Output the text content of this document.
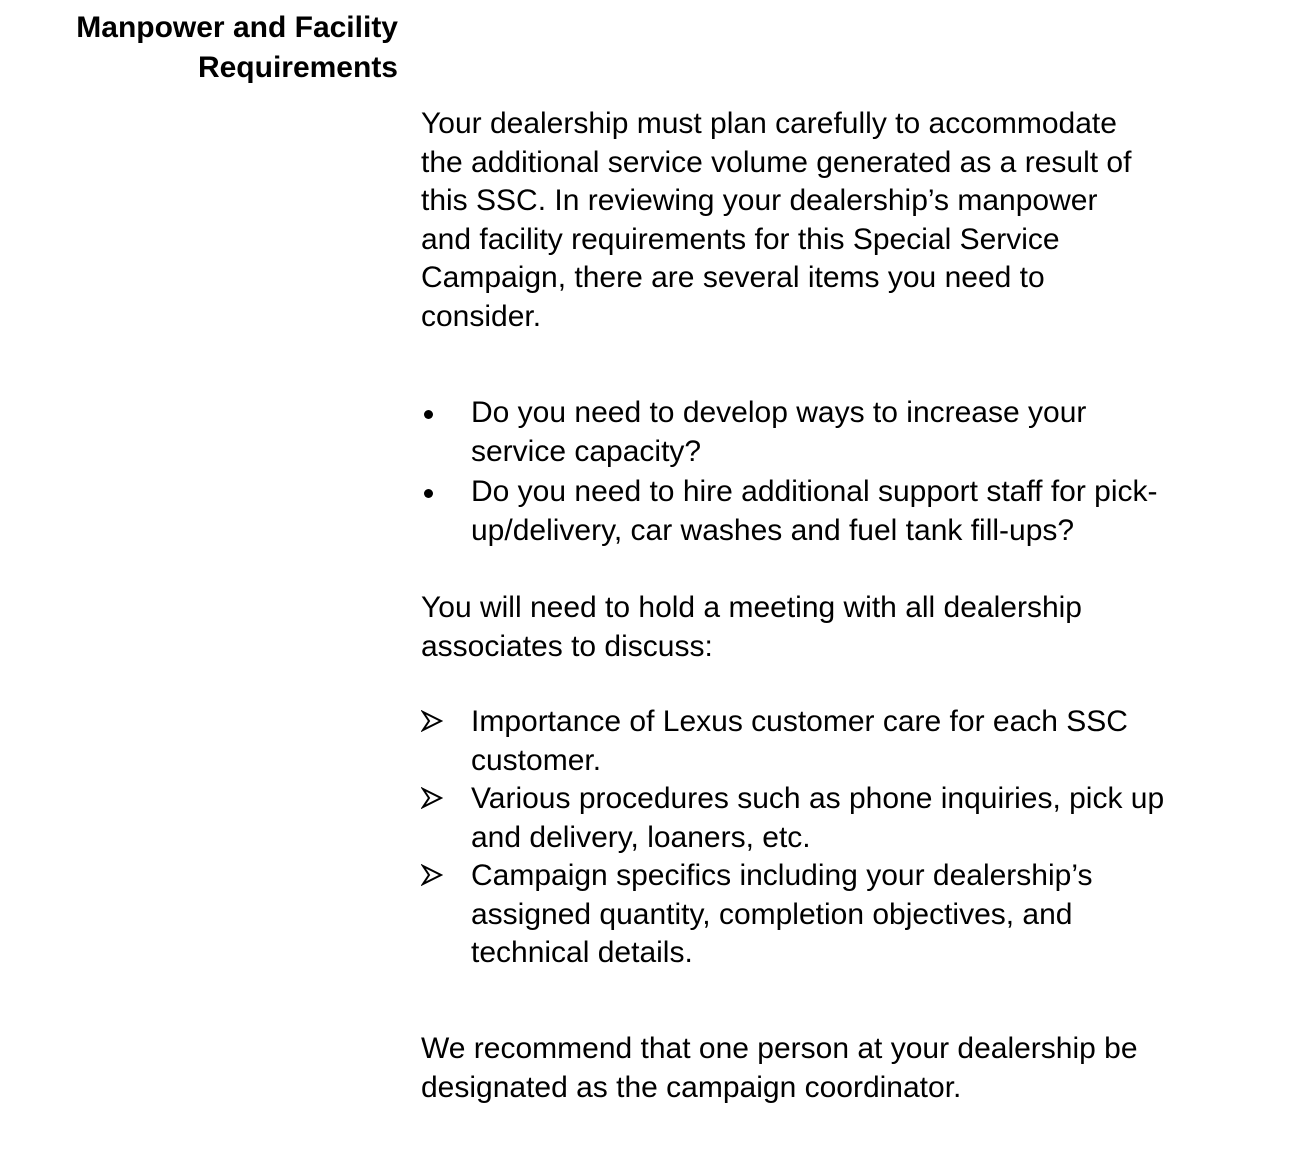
Manpower and Facility
Requirements
Your dealership must plan carefully to accommodate
the additional service volume generated as a result of
this SSC. In reviewing your dealership’s manpower
and facility requirements for this Special Service
Campaign, there are several items you need to
consider.
Do you need to develop ways to increase your
service capacity?
Do you need to hire additional support staff for pick-
up/delivery, car washes and fuel tank fill-ups?
You will need to hold a meeting with all dealership
associates to discuss:
Importance of Lexus customer care for each SSC
customer.
Various procedures such as phone inquiries, pick up
and delivery, loaners, etc.
Campaign specifics including your dealership’s
assigned quantity, completion objectives, and
technical details.
We recommend that one person at your dealership be
designated as the campaign coordinator.
